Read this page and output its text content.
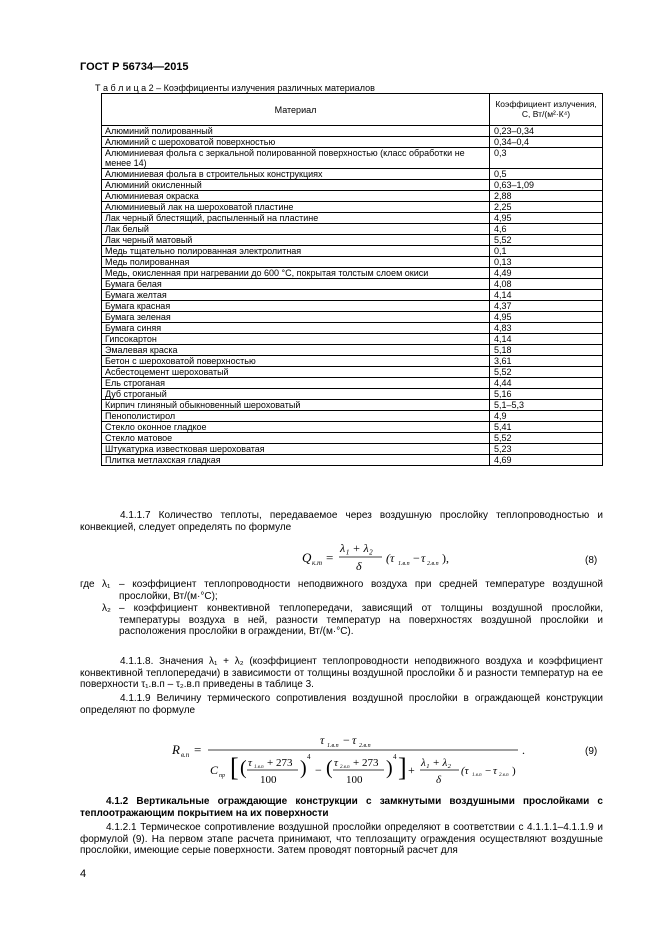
ГОСТ Р 56734—2015
Т а б л и ц а 2 – Коэффициенты излучения различных материалов
Материал	Коэффициент излучения, С, Вт/(м²·К⁴)
Алюминий полированный	0,23–0,34
Алюминий с шероховатой поверхностью	0,34–0,4
Алюминиевая фольга с зеркальной полированной поверхностью (класс обработки не менее 14)	0,3
Алюминиевая фольга в строительных конструкциях	0,5
Алюминий окисленный	0,63–1,09
Алюминиевая окраска	2,88
Алюминиевый лак на шероховатой пластине	2,25
Лак черный блестящий, распыленный на пластине	4,95
Лак белый	4,6
Лак черный матовый	5,52
Медь тщательно полированная электролитная	0,1
Медь полированная	0,13
Медь, окисленная при нагревании до 600 °С, покрытая толстым слоем окиси	4,49
Бумага белая	4,08
Бумага желтая	4,14
Бумага красная	4,37
Бумага зеленая	4,95
Бумага синяя	4,83
Гипсокартон	4,14
Эмалевая краска	5,18
Бетон с шероховатой поверхностью	3,61
Асбестоцемент шероховатый	5,52
Ель строганая	4,44
Дуб строганый	5,16
Кирпич глиняный обыкновенный шероховатый	5,1–5,3
Пенополистирол	4,9
Стекло оконное гладкое	5,41
Стекло матовое	5,52
Штукатурка известковая шероховатая	5,23
Плитка метлахская гладкая	4,69
4.1.1.7 Количество теплоты, передаваемое через воздушную прослойку теплопроводностью и конвекцией, следует определять по формуле
Q к.т =
λ₁ + λ₂
δ
(τ 1.в.п − τ 2.в.п ),	(8)
где λ₁ – коэффициент теплопроводности неподвижного воздуха при средней температуре воздушной прослойки, Вт/(м·°С);
λ₂ – коэффициент конвективной теплопередачи, зависящий от толщины воздушной прослойки, температуры воздуха в ней, разности температур на поверхностях воздушной прослойки и расположения прослойки в ограждении, Вт/(м·°С).
4.1.1.8. Значения λ₁ + λ₂ (коэффициент теплопроводности неподвижного воздуха и коэффициент конвективной теплопередачи) в зависимости от толщины воздушной прослойки δ и разности температур на ее поверхности τ₁.в.п – τ₂.в.п приведены в таблице 3.
4.1.1.9 Величину термического сопротивления воздушной прослойки в ограждающей конструкции определяют по формуле
R в.п =
τ 1.в.п − τ 2.в.п
C пр [ ( τ 1.в.п + 273
100
) 4
− ( τ 2.в.п + 273
100
) 4 ] + λ₁ + λ₂
δ
(τ 1.в.п − τ 2.в.п )
.	(9)
4.1.2 Вертикальные ограждающие конструкции с замкнутыми воздушными прослойками с теплоотражающим покрытием на их поверхности
4.1.2.1 Термическое сопротивление воздушной прослойки определяют в соответствии с 4.1.1.1–4.1.1.9 и формулой (9). На первом этапе расчета принимают, что теплозащиту ограждения осуществляют воздушные прослойки, имеющие серые поверхности. Затем проводят повторный расчет для
4
